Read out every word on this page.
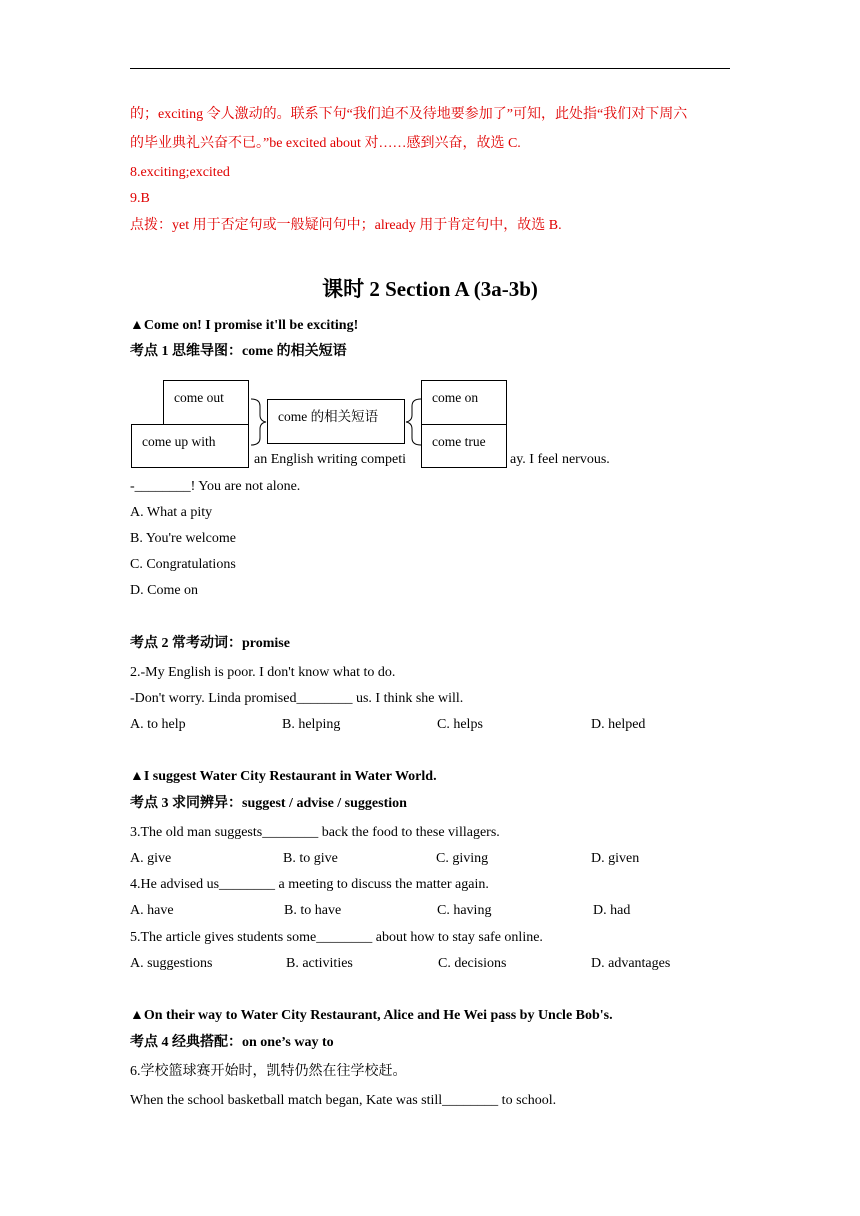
的；exciting 令人激动的。联系下句“我们迫不及待地要参加了”可知，此处指“我们对下周六
的毕业典礼兴奋不已。”be excited about 对……感到兴奋，故选 C.
8.exciting;excited
9.B
点拨：yet 用于否定句或一般疑问句中；already 用于肯定句中，故选 B.
课时 2 Section A (3a-3b)
▲Come on! I promise it'll be exciting!
考点 1 思维导图：come 的相关短语
an English writing competi	ay. I feel nervous.
come out
come up with
come 的相关短语
come on
come true
-________! You are not alone.
A. What a pity
B. You're welcome
C. Congratulations
D. Come on
考点 2 常考动词：promise
2.-My English is poor. I don't know what to do.
-Don't worry. Linda promised________ us. I think she will.
A. to help	B. helping	C. helps	D. helped
▲I suggest Water City Restaurant in Water World.
考点 3 求同辨异：suggest / advise / suggestion
3.The old man suggests________ back the food to these villagers.
A. give	B. to give	C. giving	D. given
4.He advised us________ a meeting to discuss the matter again.
A. have	B. to have	C. having	D. had
5.The article gives students some________ about how to stay safe online.
A. suggestions	B. activities	C. decisions	D. advantages
▲On their way to Water City Restaurant, Alice and He Wei pass by Uncle Bob's.
考点 4 经典搭配：on one’s way to
6.学校篮球赛开始时，凯特仍然在往学校赶。
When the school basketball match began, Kate was still________ to school.
